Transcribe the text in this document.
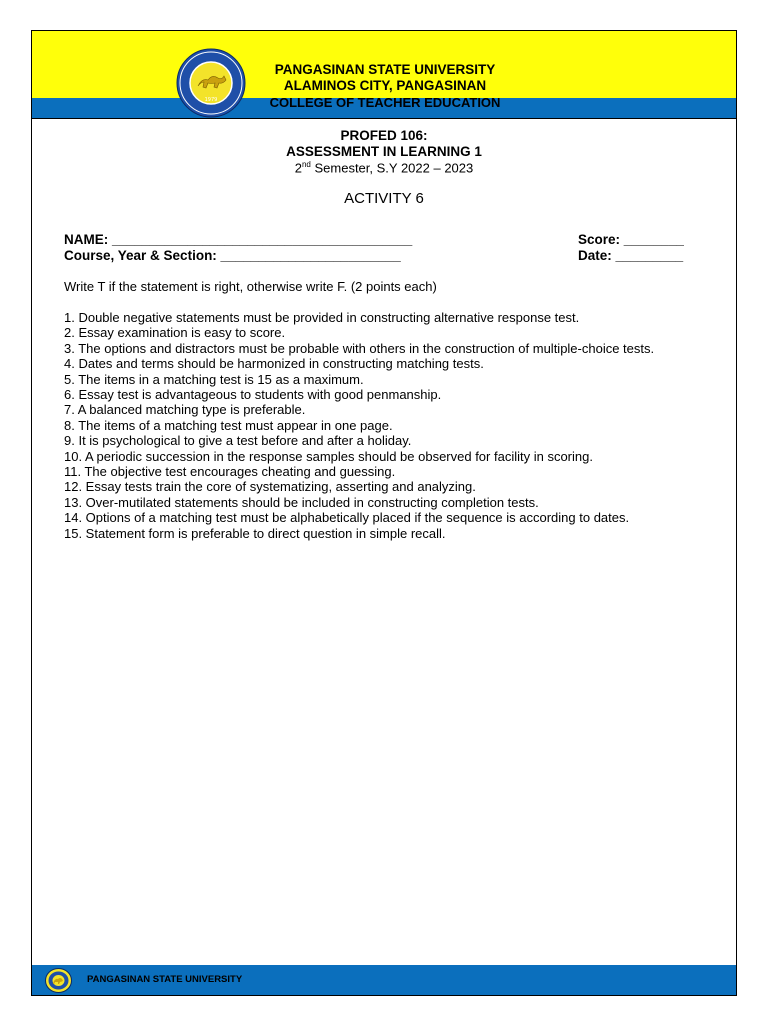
1979
PANGASINAN STATE UNIVERSITY
ALAMINOS CITY, PANGASINAN
COLLEGE OF TEACHER EDUCATION
PROFED 106:
ASSESSMENT IN LEARNING 1
2nd Semester, S.Y 2022 – 2023
ACTIVITY 6
NAME: ________________________________________
Course, Year & Section: ________________________
Score: ________
Date: _________
Write T if the statement is right, otherwise write F. (2 points each)
1. Double negative statements must be provided in constructing alternative response test.
2. Essay examination is easy to score.
3. The options and distractors must be probable with others in the construction of multiple-choice tests.
4. Dates and terms should be harmonized in constructing matching tests.
5. The items in a matching test is 15 as a maximum.
6. Essay test is advantageous to students with good penmanship.
7. A balanced matching type is preferable.
8. The items of a matching test must appear in one page.
9. It is psychological to give a test before and after a holiday.
10. A periodic succession in the response samples should be observed for facility in scoring.
11. The objective test encourages cheating and guessing.
12. Essay tests train the core of systematizing, asserting and analyzing.
13. Over-mutilated statements should be included in constructing completion tests.
14. Options of a matching test must be alphabetically placed if the sequence is according to dates.
15. Statement form is preferable to direct question in simple recall.
PANGASINAN STATE UNIVERSITY
